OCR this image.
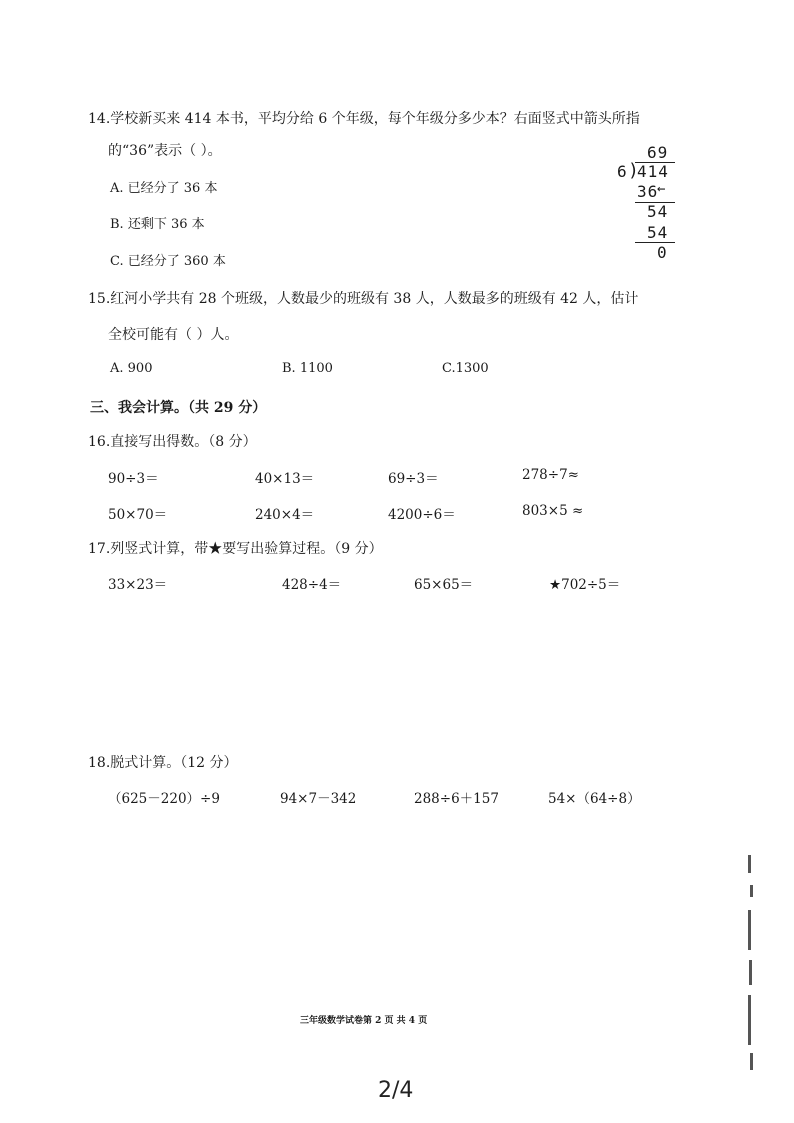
14.学校新买来 414 本书，平均分给 6 个年级，每个年级分多少本？右面竖式中箭头所指
的“36”表示（ ）。
A. 已经分了 36 本
B. 还剩下 36 本
C. 已经分了 360 本
69
6 )
414
36
←
54
54
0
15.红河小学共有 28 个班级，人数最少的班级有 38 人，人数最多的班级有 42 人，估计
全校可能有（ ）人。
A. 900	B. 1100	C.1300
三、我会计算。（共 29 分）
16.直接写出得数。（8 分）
90÷3＝	40×13＝	69÷3＝	278÷7≈
50×70＝	240×4＝	4200÷6＝	803×5 ≈
17.列竖式计算，带★要写出验算过程。（9 分）
33×23＝	428÷4＝	65×65＝	★702÷5＝
18.脱式计算。（12 分）
（625－220）÷9	94×7－342	288÷6＋157	54×（64÷8）
三年级数学试卷第 2 页 共 4 页
2/4
